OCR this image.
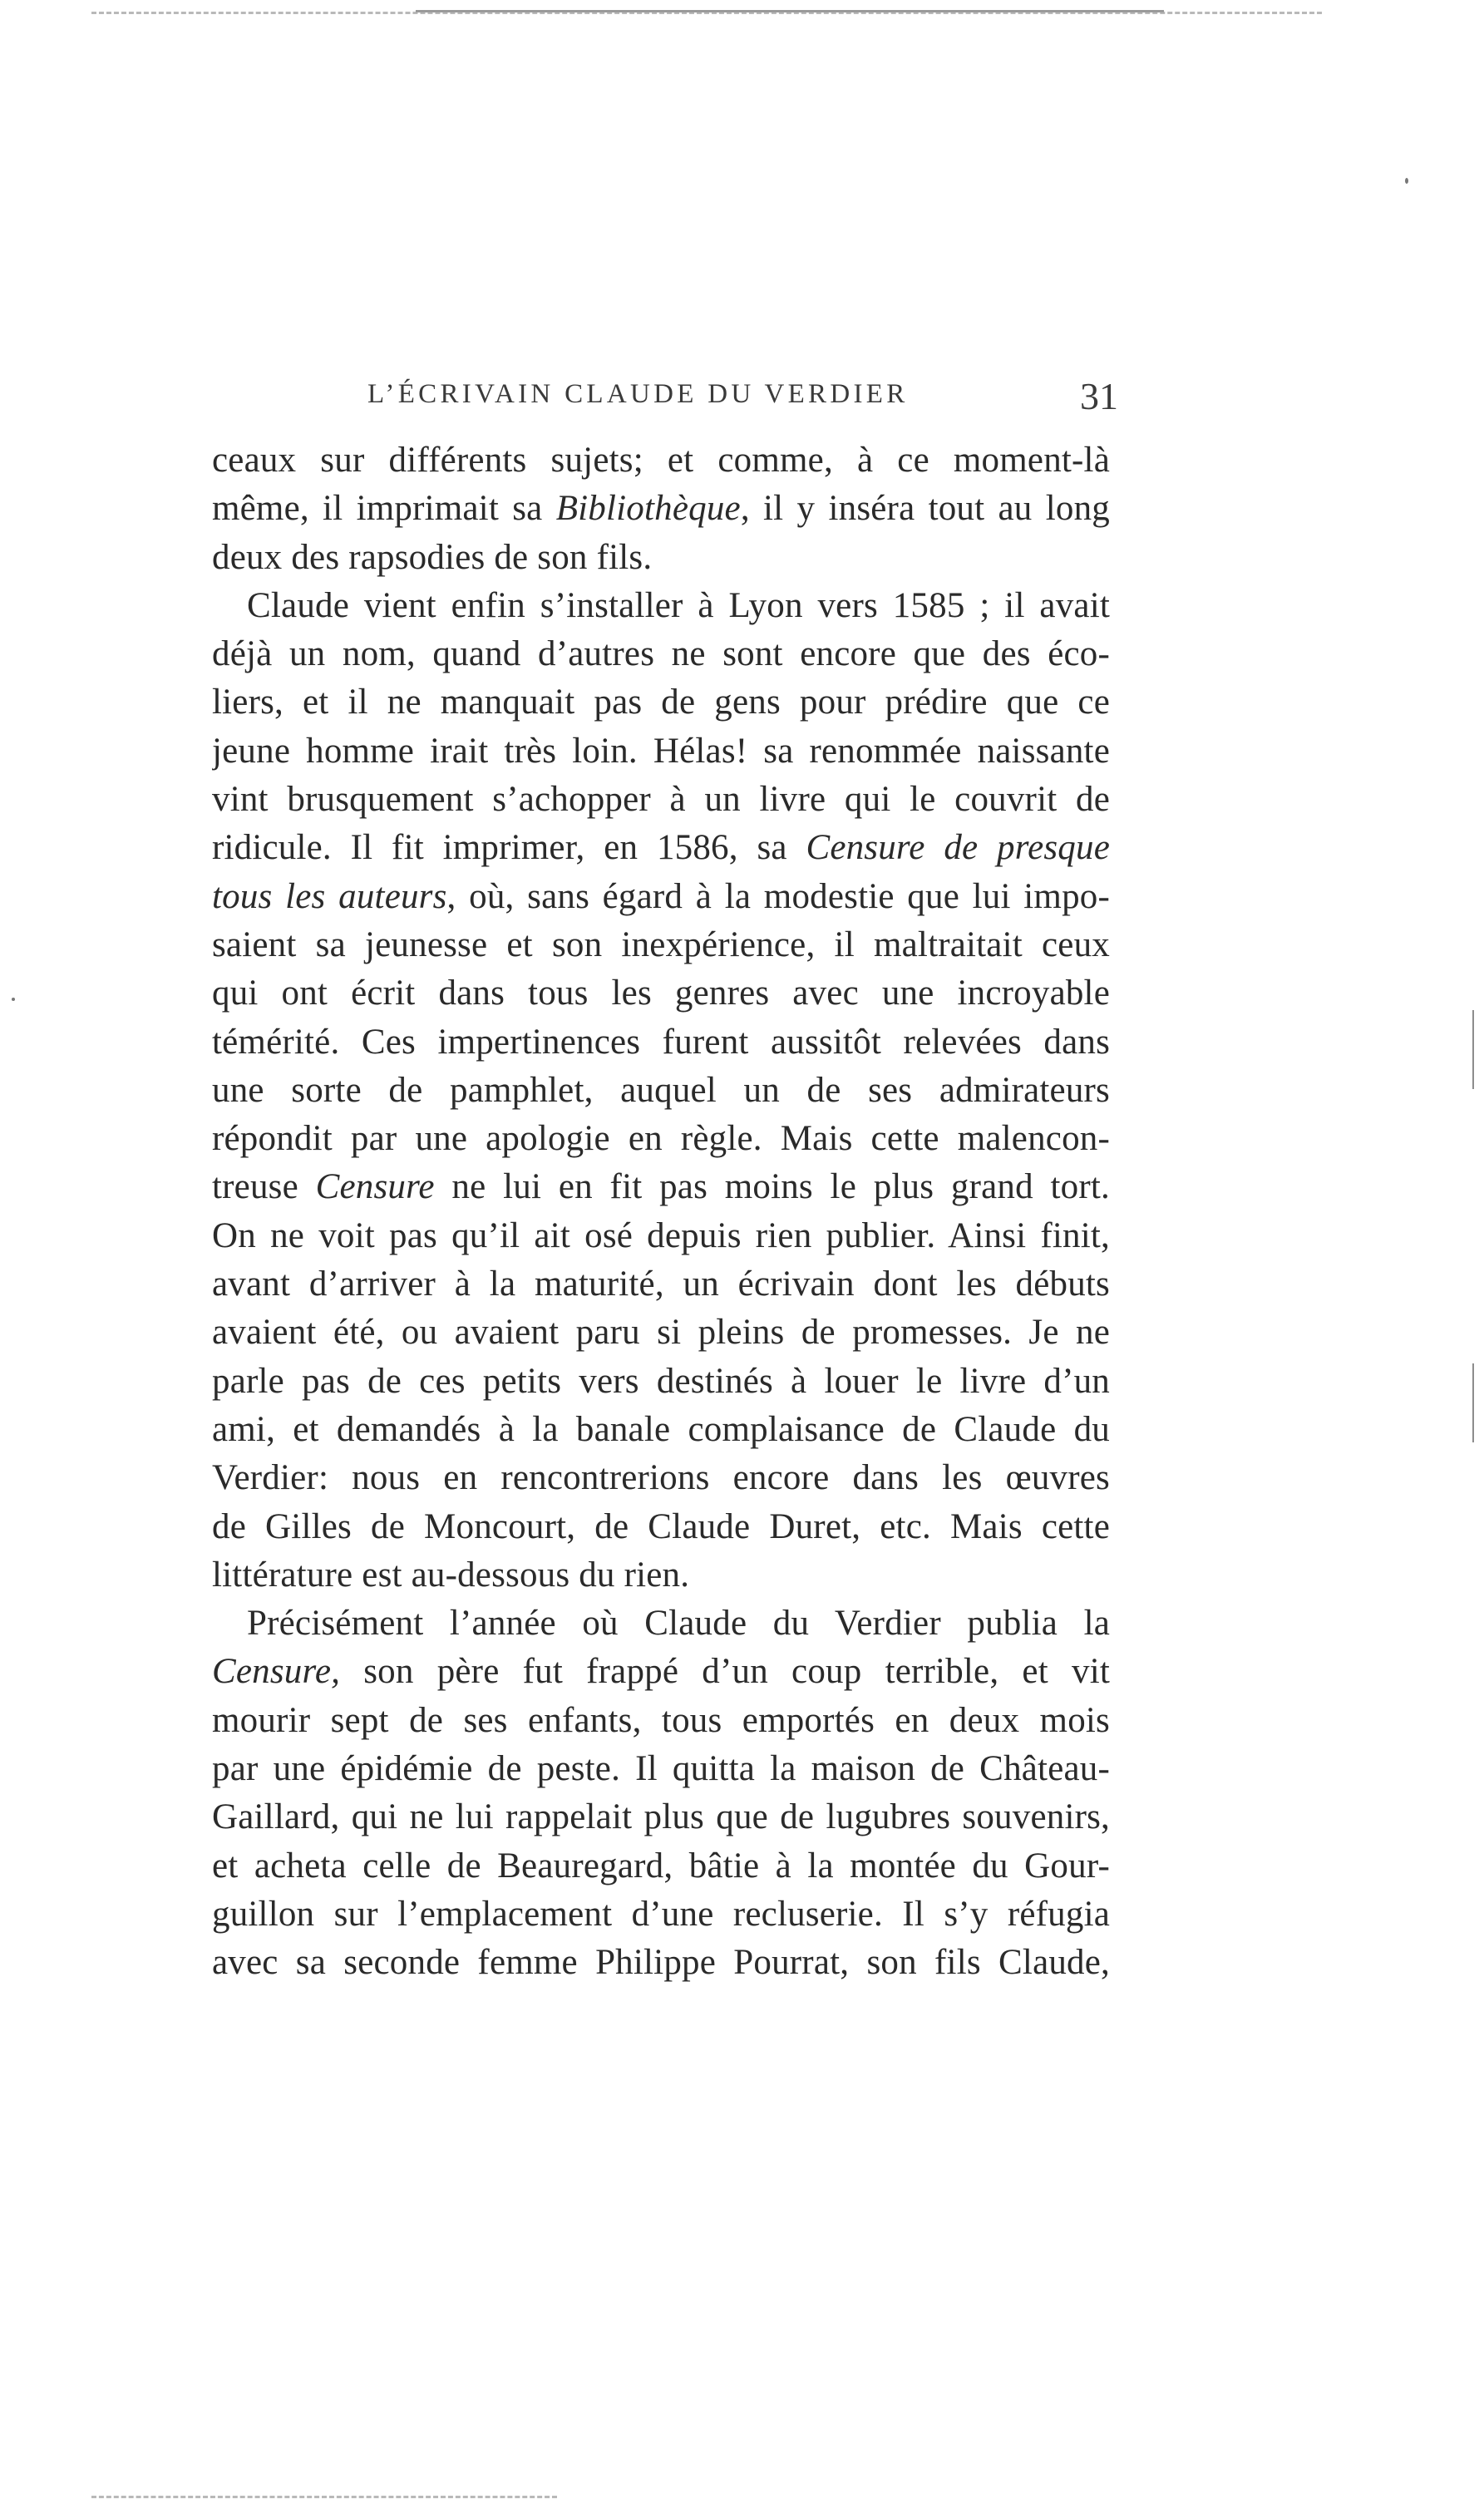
L’ÉCRIVAIN CLAUDE DU VERDIER	31
ceaux sur différents sujets; et comme, à ce moment-là
même, il imprimait sa Bibliothèque, il y inséra tout au long
deux des rapsodies de son fils.
Claude vient enfin s’installer à Lyon vers 1585 ; il avait
déjà un nom, quand d’autres ne sont encore que des éco-
liers, et il ne manquait pas de gens pour prédire que ce
jeune homme irait très loin. Hélas! sa renommée naissante
vint brusquement s’achopper à un livre qui le couvrit de
ridicule. Il fit imprimer, en 1586, sa Censure de presque
tous les auteurs, où, sans égard à la modestie que lui impo-
saient sa jeunesse et son inexpérience, il maltraitait ceux
qui ont écrit dans tous les genres avec une incroyable
témérité. Ces impertinences furent aussitôt relevées dans
une sorte de pamphlet, auquel un de ses admirateurs
répondit par une apologie en règle. Mais cette malencon-
treuse Censure ne lui en fit pas moins le plus grand tort.
On ne voit pas qu’il ait osé depuis rien publier. Ainsi finit,
avant d’arriver à la maturité, un écrivain dont les débuts
avaient été, ou avaient paru si pleins de promesses. Je ne
parle pas de ces petits vers destinés à louer le livre d’un
ami, et demandés à la banale complaisance de Claude du
Verdier: nous en rencontrerions encore dans les œuvres
de Gilles de Moncourt, de Claude Duret, etc. Mais cette
littérature est au-dessous du rien.
Précisément l’année où Claude du Verdier publia la
Censure, son père fut frappé d’un coup terrible, et vit
mourir sept de ses enfants, tous emportés en deux mois
par une épidémie de peste. Il quitta la maison de Château-
Gaillard, qui ne lui rappelait plus que de lugubres souvenirs,
et acheta celle de Beauregard, bâtie à la montée du Gour-
guillon sur l’emplacement d’une recluserie. Il s’y réfugia
avec sa seconde femme Philippe Pourrat, son fils Claude,
